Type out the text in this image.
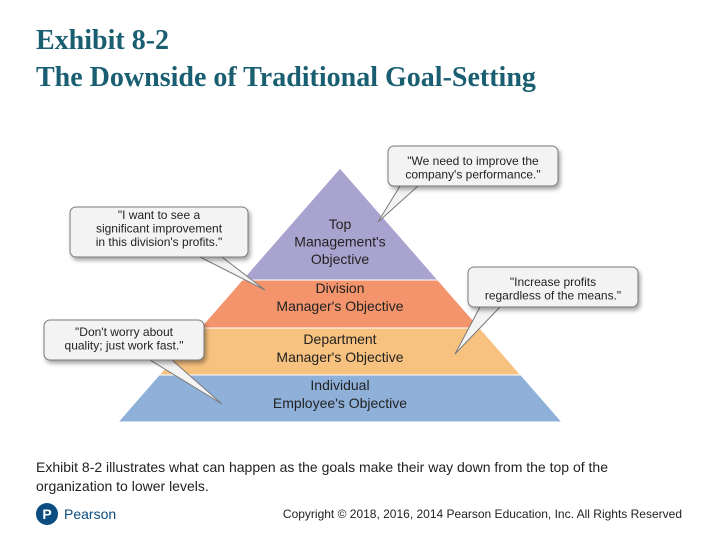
Exhibit 8-2
The Downside of Traditional Goal-Setting
Top
Management's
Objective
Division
Manager's Objective
Department
Manager's Objective
Individual
Employee's Objective
"We need to improve the
company's performance."
"I want to see a
significant improvement
in this division's profits."
"Increase profits
regardless of the means."
"Don't worry about
quality; just work fast."

Exhibit 8-2 illustrates what can happen as the goals make their way down from the top of the organization to lower levels.

P Pearson	Copyright © 2018, 2016, 2014 Pearson Education, Inc. All Rights Reserved
